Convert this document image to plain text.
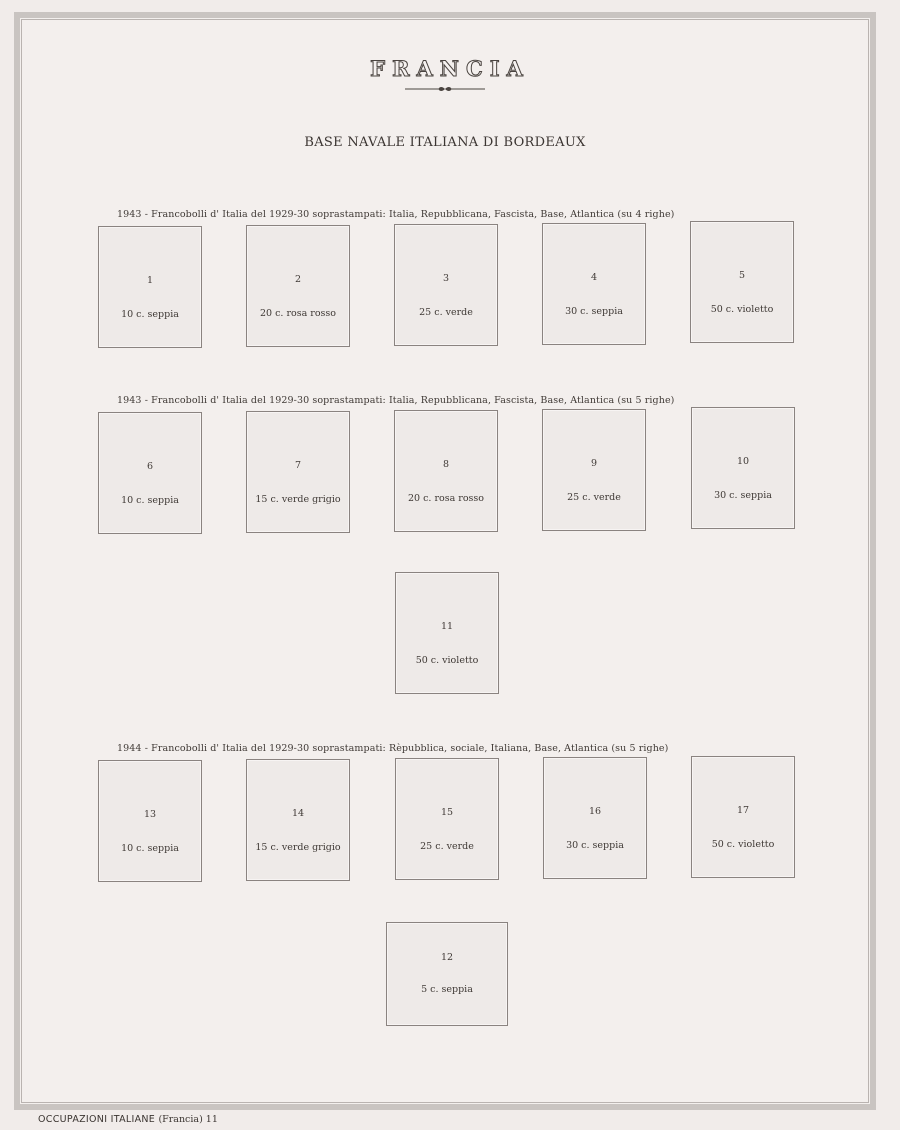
FRANCIA
BASE NAVALE ITALIANA DI BORDEAUX
1943 - Francobolli d' Italia del 1929-30 soprastampati: Italia, Repubblicana, Fascista, Base, Atlantica (su 4 righe)
1
10 c. seppia
2
20 c. rosa rosso
3
25 c. verde
4
30 c. seppia
5
50 c. violetto
1943 - Francobolli d' Italia del 1929-30 soprastampati: Italia, Repubblicana, Fascista, Base, Atlantica (su 5 righe)
6
10 c. seppia
7
15 c. verde grigio
8
20 c. rosa rosso
9
25 c. verde
10
30 c. seppia
11
50 c. violetto
1944 - Francobolli d' Italia del 1929-30 soprastampati: Rèpubblica, sociale, Italiana, Base, Atlantica (su 5 righe)
13
10 c. seppia
14
15 c. verde grigio
15
25 c. verde
16
30 c. seppia
17
50 c. violetto
12
5 c. seppia
OCCUPAZIONI ITALIANE (Francia) 11
